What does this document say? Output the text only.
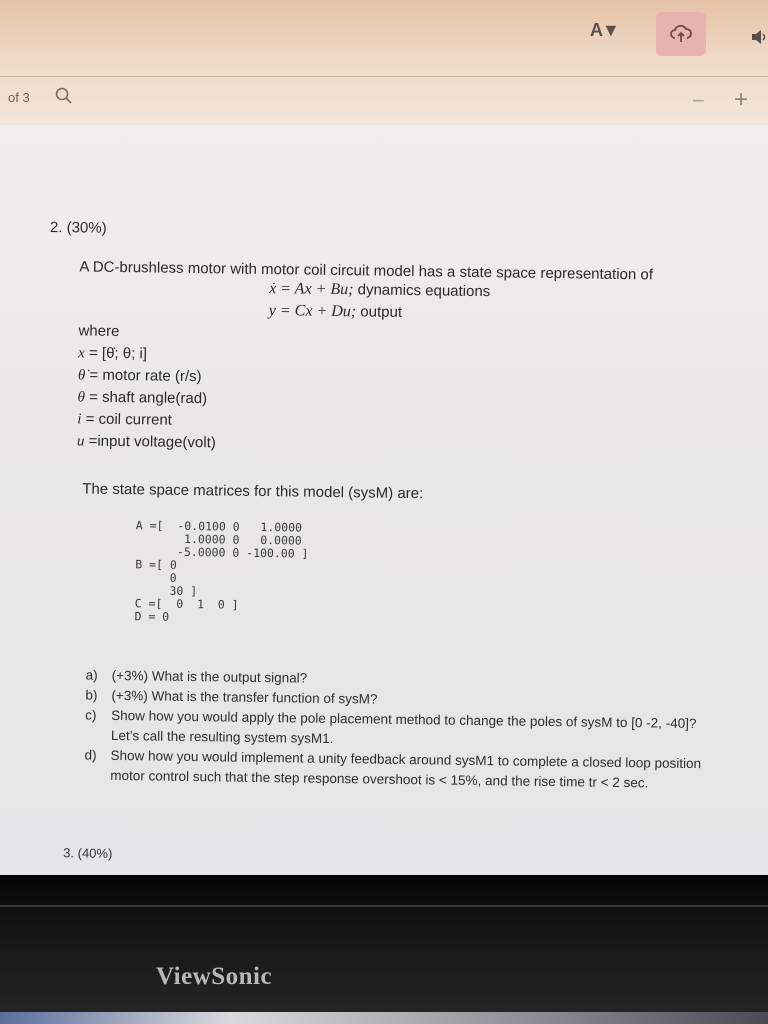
A▼
of 3	− +
2. (30%)
A DC-brushless motor with motor coil circuit model has a state space representation of
ẋ = Ax + Bu; dynamics equations
y = Cx + Du; output
where
x = [θ̇; θ; i]
θ̇ = motor rate (r/s)
θ = shaft angle(rad)
i = coil current
u =input voltage(volt)
The state space matrices for this model (sysM) are:
A =[  -0.0100 0   1.0000
1.0000 0   0.0000
-5.0000 0 -100.00 ]
B =[ 0
0
30 ]
C =[  0  1  0 ]
D = 0
a)	(+3%) What is the output signal?
b)	(+3%) What is the transfer function of sysM?
c)	Show how you would apply the pole placement method to change the poles of sysM to [0 -2, -40]? Let’s call the resulting system sysM1.
d)	Show how you would implement a unity feedback around sysM1 to complete a closed loop position motor control such that the step response overshoot is < 15%, and the rise time tr < 2 sec.
3. (40%)
ViewSonic
